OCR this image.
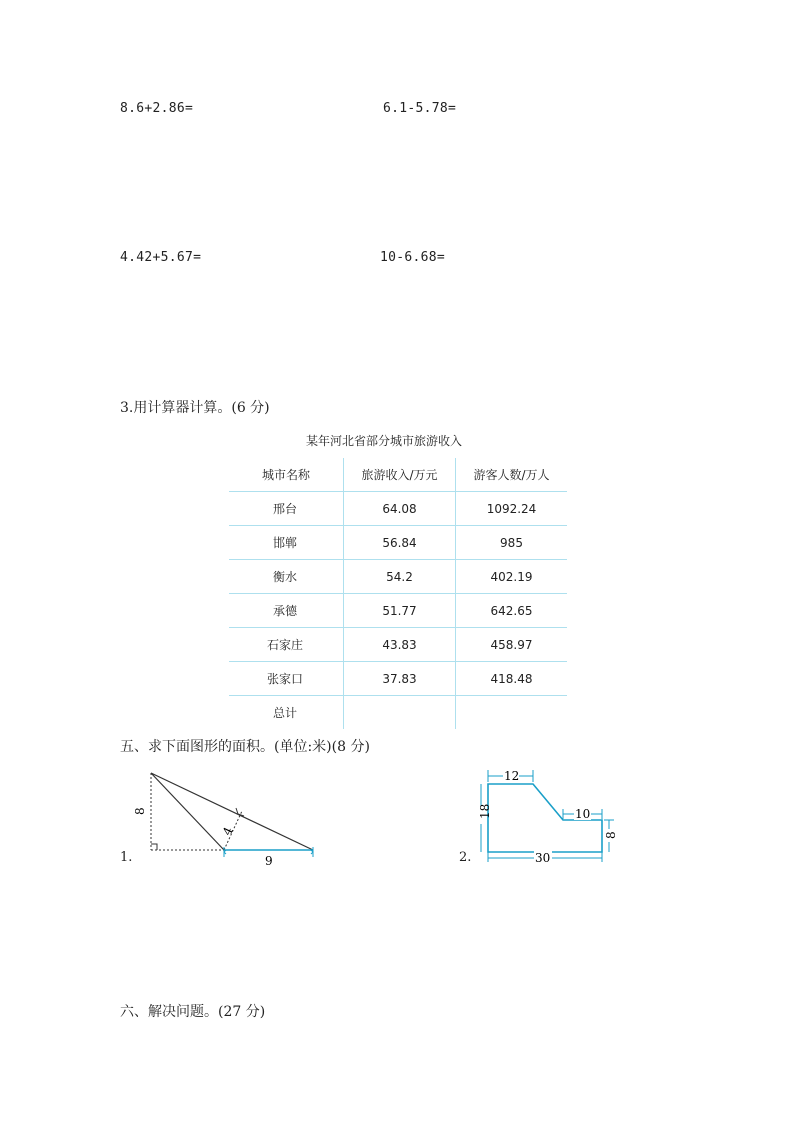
8.6+2.86=	6.1-5.78=
4.42+5.67=	10-6.68=
3.用计算器计算。(6 分)
某年河北省部分城市旅游收入
城市名称	旅游收入/万元	游客人数/万人
邢台	64.08	1092.24
邯郸	56.84	985
衡水	54.2	402.19
承德	51.77	642.65
石家庄	43.83	458.97
张家口	37.83	418.48
总计		
五、求下面图形的面积。(单位:米)(8 分)
1.	2.
8
4
9
12
18	10
8
30
六、解决问题。(27 分)
